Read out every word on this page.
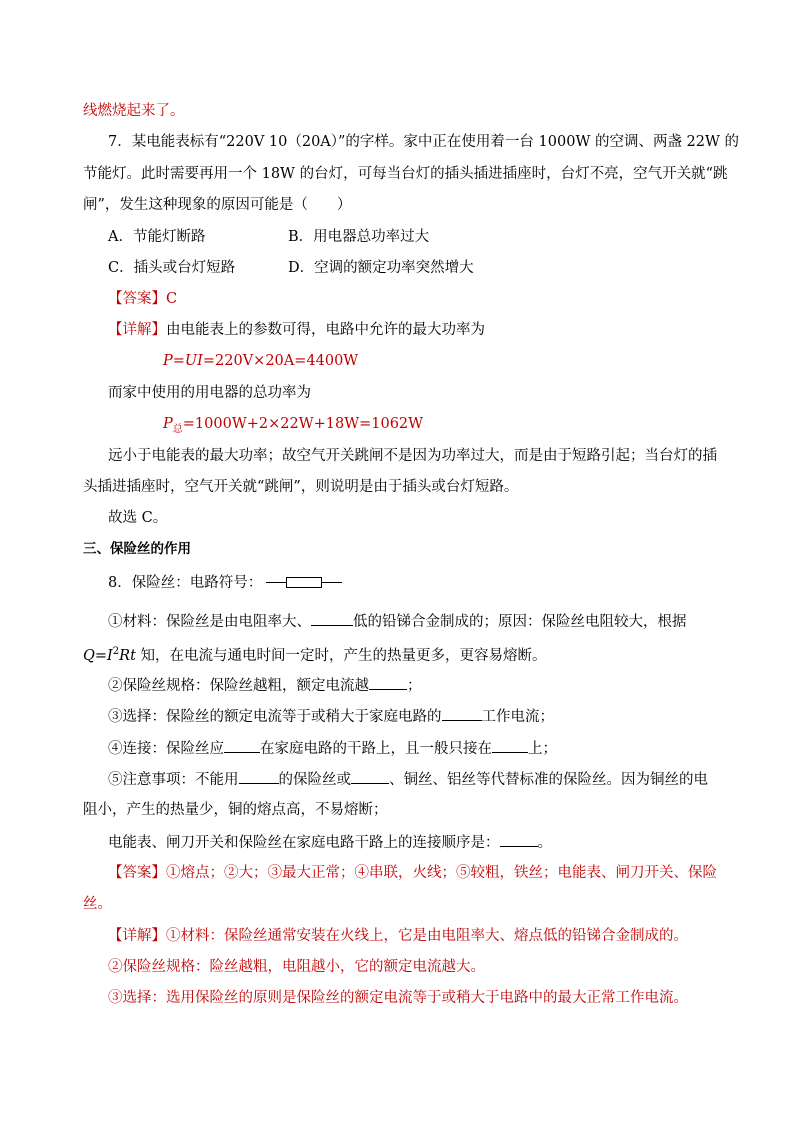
线燃烧起来了。
7．某电能表标有“220V 10（20A）”的字样。家中正在使用着一台 1000W 的空调、两盏 22W 的
节能灯。此时需要再用一个 18W 的台灯，可每当台灯的插头插进插座时，台灯不亮，空气开关就“跳
闸”，发生这种现象的原因可能是（　　）
A．节能灯断路	B．用电器总功率过大
C．插头或台灯短路	D．空调的额定功率突然增大
【答案】C
【详解】由电能表上的参数可得，电路中允许的最大功率为
P=UI=220V×20A=4400W
而家中使用的用电器的总功率为
$P_总=1000W+2\times 22W+18W=1062W$
远小于电能表的最大功率；故空气开关跳闸不是因为功率过大，而是由于短路引起；当台灯的插
头插进插座时，空气开关就“跳闸”，则说明是由于插头或台灯短路。
故选 C。
三、保险丝的作用
8．保险丝：电路符号：
①材料：保险丝是由电阻率大、	低的铅锑合金制成的；原因：保险丝电阻较大，根据
$Q=I^2Rt$ 知，在电流与通电时间一定时，产生的热量更多，更容易熔断。
②保险丝规格：保险丝越粗，额定电流越	；
③选择：保险丝的额定电流等于或稍大于家庭电路的	工作电流；
④连接：保险丝应 在家庭电路的干路上，且一般只接在 上；
⑤注意事项：不能用	的保险丝或	、铜丝、铝丝等代替标准的保险丝。因为铜丝的电
阻小，产生的热量少，铜的熔点高，不易熔断；
电能表、闸刀开关和保险丝在家庭电路干路上的连接顺序是：	。
【答案】①熔点；②大；③最大正常；④串联，火线；⑤较粗，铁丝；电能表、闸刀开关、保险
丝。
【详解】①材料：保险丝通常安装在火线上，它是由电阻率大、熔点低的铅锑合金制成的。
②保险丝规格：险丝越粗，电阻越小，它的额定电流越大。
③选择：选用保险丝的原则是保险丝的额定电流等于或稍大于电路中的最大正常工作电流。
